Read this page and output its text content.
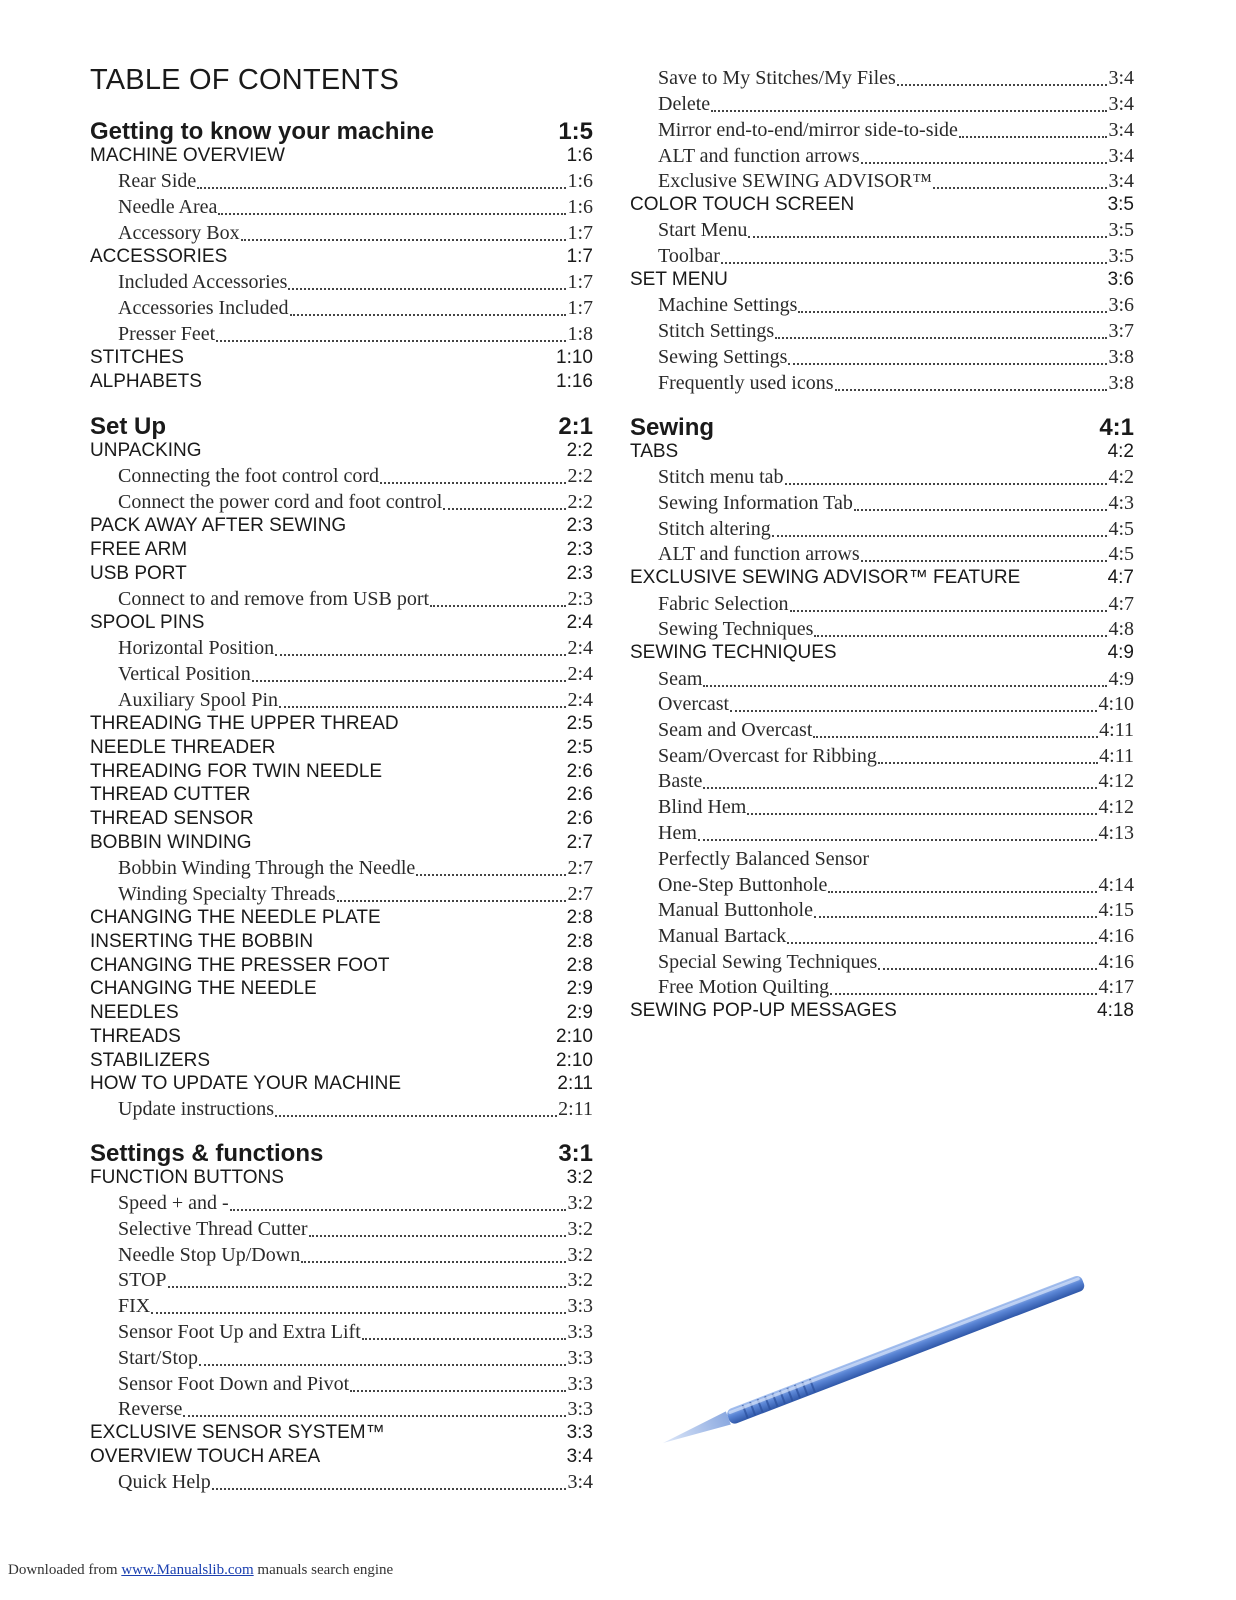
TABLE OF CONTENTS
Getting to know your machine	1:5
MACHINE OVERVIEW	1:6
Rear Side	1:6
Needle Area	1:6
Accessory Box	1:7
ACCESSORIES	1:7
Included Accessories	1:7
Accessories Included	1:7
Presser Feet	1:8
STITCHES	1:10
ALPHABETS	1:16
Set Up	2:1
UNPACKING	2:2
Connecting the foot control cord	2:2
Connect the power cord and foot control	2:2
PACK AWAY AFTER SEWING	2:3
FREE ARM	2:3
USB PORT	2:3
Connect to and remove from USB port	2:3
SPOOL PINS	2:4
Horizontal Position	2:4
Vertical Position	2:4
Auxiliary Spool Pin	2:4
THREADING THE UPPER THREAD	2:5
NEEDLE THREADER	2:5
THREADING FOR TWIN NEEDLE	2:6
THREAD CUTTER	2:6
THREAD SENSOR	2:6
BOBBIN WINDING	2:7
Bobbin Winding Through the Needle	2:7
Winding Specialty Threads	2:7
CHANGING THE NEEDLE PLATE	2:8
INSERTING THE BOBBIN	2:8
CHANGING THE PRESSER FOOT	2:8
CHANGING THE NEEDLE	2:9
NEEDLES	2:9
THREADS	2:10
STABILIZERS	2:10
HOW TO UPDATE YOUR MACHINE	2:11
Update instructions	2:11
Settings & functions	3:1
FUNCTION BUTTONS	3:2
Speed + and -	3:2
Selective Thread Cutter	3:2
Needle Stop Up/Down	3:2
STOP	3:2
FIX	3:3
Sensor Foot Up and Extra Lift	3:3
Start/Stop	3:3
Sensor Foot Down and Pivot	3:3
Reverse	3:3
EXCLUSIVE SENSOR SYSTEM™	3:3
OVERVIEW TOUCH AREA	3:4
Quick Help	3:4
Save to My Stitches/My Files	3:4
Delete	3:4
Mirror end-to-end/mirror side-to-side	3:4
ALT and function arrows	3:4
Exclusive SEWING ADVISOR™	3:4
COLOR TOUCH SCREEN	3:5
Start Menu	3:5
Toolbar	3:5
SET MENU	3:6
Machine Settings	3:6
Stitch Settings	3:7
Sewing Settings	3:8
Frequently used icons	3:8
Sewing	4:1
TABS	4:2
Stitch menu tab	4:2
Sewing Information Tab	4:3
Stitch altering	4:5
ALT and function arrows	4:5
EXCLUSIVE SEWING ADVISOR™ FEATURE	4:7
Fabric Selection	4:7
Sewing Techniques	4:8
SEWING TECHNIQUES	4:9
Seam	4:9
Overcast	4:10
Seam and Overcast	4:11
Seam/Overcast for Ribbing	4:11
Baste	4:12
Blind Hem	4:12
Hem	4:13
Perfectly Balanced Sensor
One-Step Buttonhole	4:14
Manual Buttonhole	4:15
Manual Bartack	4:16
Special Sewing Techniques	4:16
Free Motion Quilting	4:17
SEWING POP-UP MESSAGES	4:18
Downloaded from www.Manualslib.com manuals search engine
